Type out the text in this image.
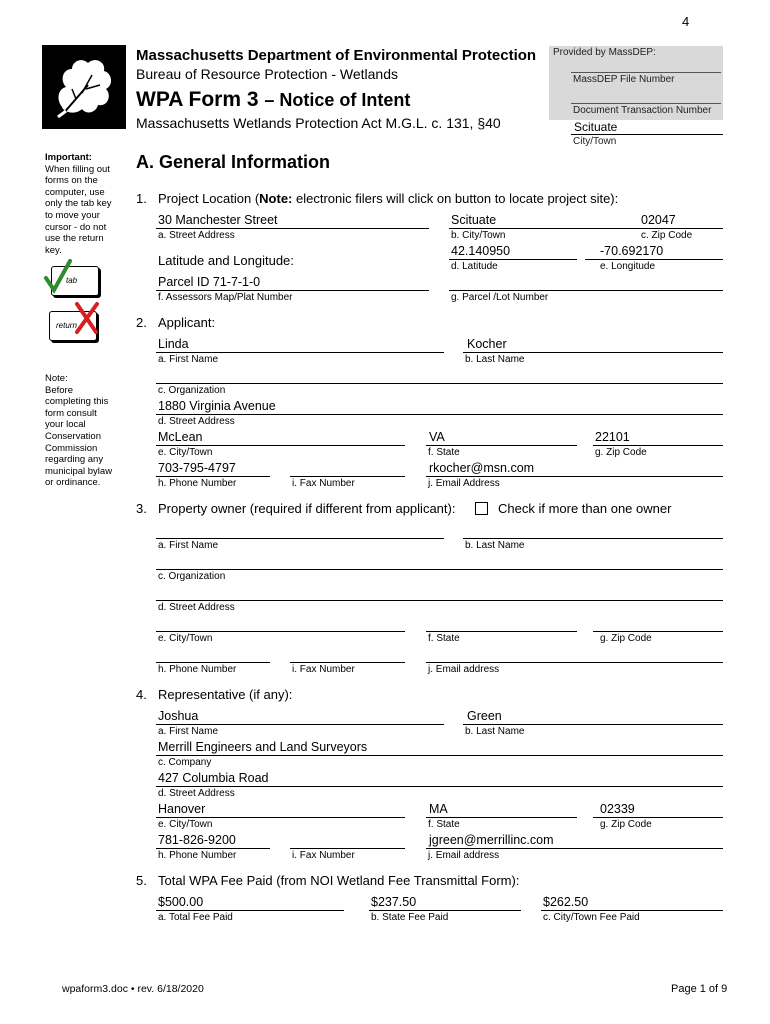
4
Massachusetts Department of Environmental Protection
Bureau of Resource Protection - Wetlands
WPA Form 3 – Notice of Intent
Massachusetts Wetlands Protection Act M.G.L. c. 131, §40
Provided by MassDEP:
MassDEP File Number
Document Transaction Number
Scituate
City/Town
Important:
When filling out
forms on the
computer, use
only the tab key
to move your
cursor - do not
use the return
key.
tab
return
Note:
Before
completing this
form consult
your local
Conservation
Commission
regarding any
municipal bylaw
or ordinance.
A. General Information
1. Project Location (Note: electronic filers will click on button to locate project site):
30 Manchester Street
a. Street Address
Scituate
b. City/Town
02047
c. Zip Code
Latitude and Longitude:
42.140950
d. Latitude
-70.692170
e. Longitude
Parcel ID 71-7-1-0
f. Assessors Map/Plat Number	g. Parcel /Lot Number
2. Applicant:
Linda
a. First Name
Kocher
b. Last Name
c. Organization
1880 Virginia Avenue
d. Street Address
McLean
e. City/Town
VA
f. State
22101
g. Zip Code
703-795-4797
h. Phone Number	i. Fax Number
rkocher@msn.com
j. Email Address
3. Property owner (required if different from applicant):	Check if more than one owner
a. First Name	b. Last Name
c. Organization
d. Street Address
e. City/Town	f. State	g. Zip Code
h. Phone Number	i. Fax Number	j. Email address
4. Representative (if any):
Joshua
a. First Name
Green
b. Last Name
Merrill Engineers and Land Surveyors
c. Company
427 Columbia Road
d. Street Address
Hanover
e. City/Town
MA
f. State
02339
g. Zip Code
781-826-9200
h. Phone Number	i. Fax Number
jgreen@merrillinc.com
j. Email address
5. Total WPA Fee Paid (from NOI Wetland Fee Transmittal Form):
$500.00
a. Total Fee Paid
$237.50
b. State Fee Paid
$262.50
c. City/Town Fee Paid
wpaform3.doc • rev. 6/18/2020	Page 1 of 9
